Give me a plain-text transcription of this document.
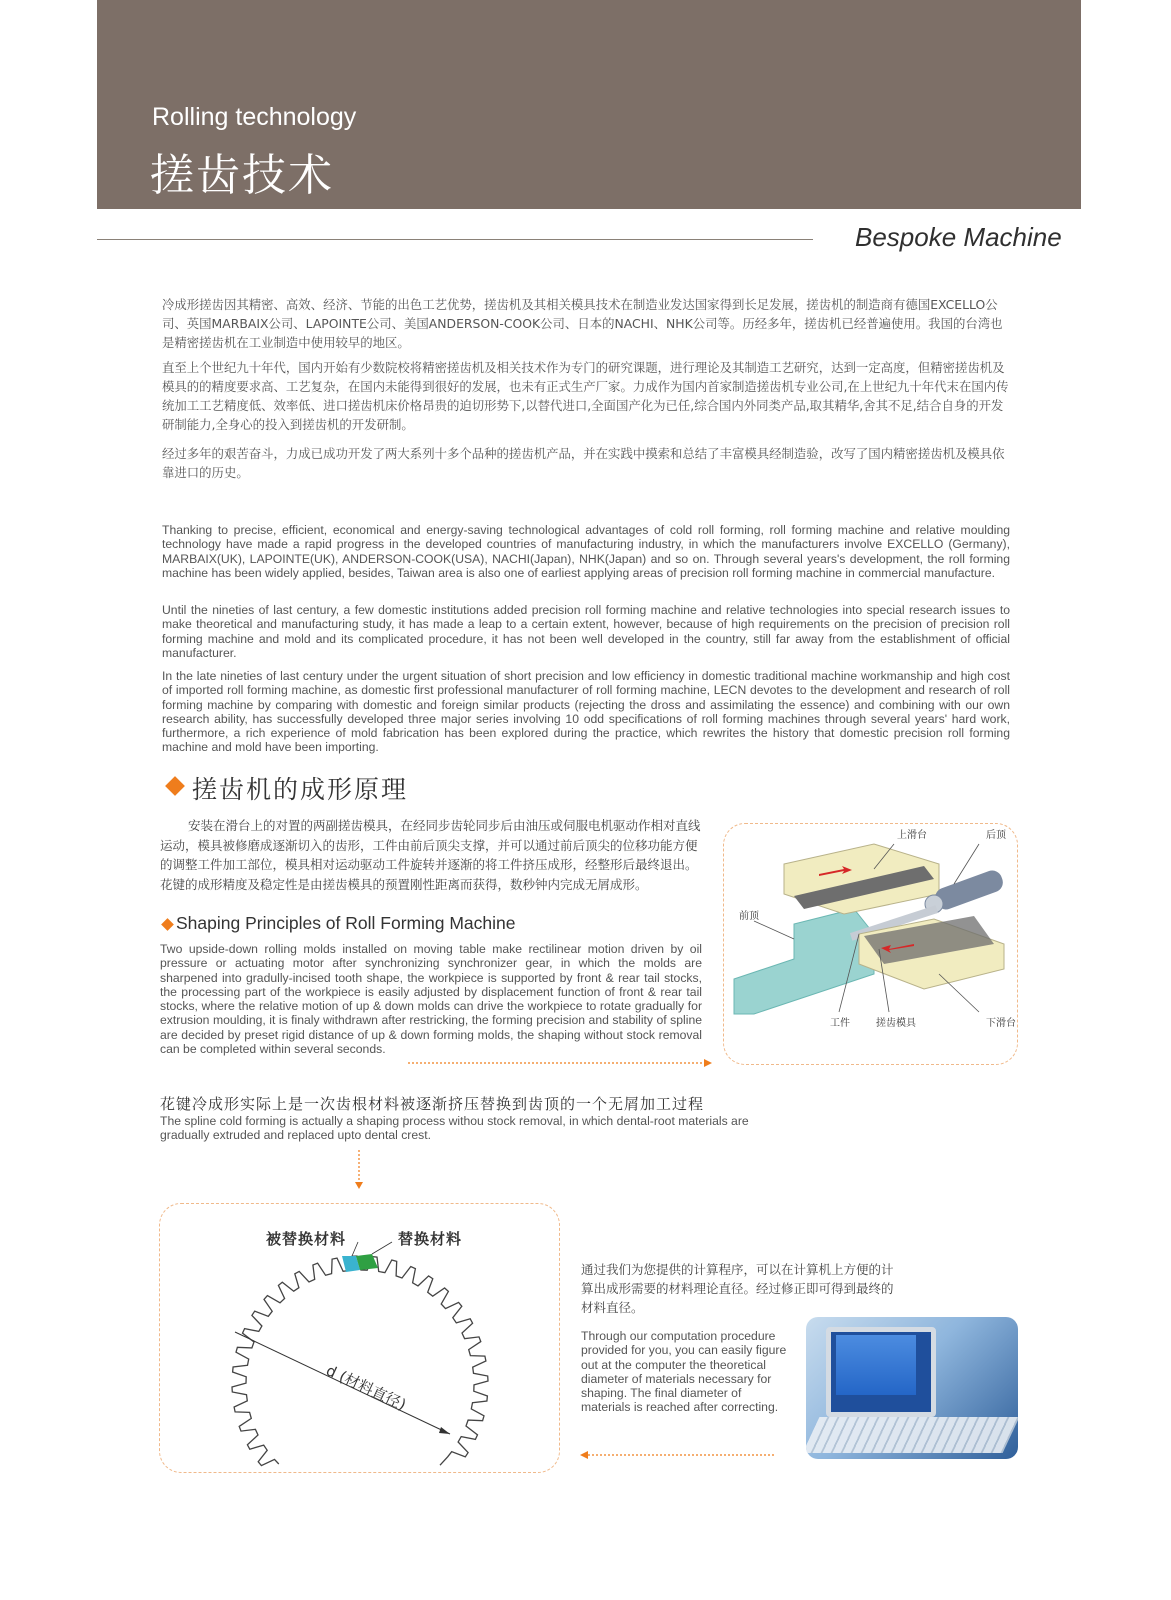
Rolling technology
搓齿技术
Bespoke Machine
冷成形搓齿因其精密、高效、经济、节能的出色工艺优势，搓齿机及其相关模具技术在制造业发达国家得到长足发展，搓齿机的制造商有德国EXCELLO公司、英国MARBAIX公司、LAPOINTE公司、美国ANDERSON-COOK公司、日本的NACHI、NHK公司等。历经多年，搓齿机已经普遍使用。我国的台湾也是精密搓齿机在工业制造中使用较早的地区。
直至上个世纪九十年代，国内开始有少数院校将精密搓齿机及相关技术作为专门的研究课题，进行理论及其制造工艺研究，达到一定高度，但精密搓齿机及模具的的精度要求高、工艺复杂，在国内未能得到很好的发展，也未有正式生产厂家。力成作为国内首家制造搓齿机专业公司,在上世纪九十年代末在国内传统加工工艺精度低、效率低、进口搓齿机床价格昂贵的迫切形势下,以替代进口,全面国产化为已任,综合国内外同类产品,取其精华,舍其不足,结合自身的开发研制能力,全身心的投入到搓齿机的开发研制。
经过多年的艰苦奋斗，力成已成功开发了两大系列十多个品种的搓齿机产品，并在实践中摸索和总结了丰富模具经制造验，改写了国内精密搓齿机及模具依靠进口的历史。
Thanking to precise, efficient, economical and energy-saving technological advantages of cold roll forming, roll forming machine and relative moulding technology have made a rapid progress in the developed countries of manufacturing industry, in which the manufacturers involve EXCELLO (Germany), MARBAIX(UK), LAPOINTE(UK), ANDERSON-COOK(USA), NACHI(Japan), NHK(Japan) and so on. Through several years's development, the roll forming machine has been widely applied, besides, Taiwan area is also one of earliest applying areas of precision roll forming machine in commercial manufacture.
Until the nineties of last century, a few domestic institutions added precision roll forming machine and relative technologies into special research issues to make theoretical and manufacturing study, it has made a leap to a certain extent, however, because of high requirements on the precision of precision roll forming machine and mold and its complicated procedure, it has not been well developed in the country, still far away from the establishment of official manufacturer.
In the late nineties of last century under the urgent situation of short precision and low efficiency in domestic traditional machine workmanship and high cost of imported roll forming machine, as domestic first professional manufacturer of roll forming machine, LECN devotes to the development and research of roll forming machine by comparing with domestic and foreign similar products (rejecting the dross and assimilating the essence) and combining with our own research ability, has successfully developed three major series involving 10 odd specifications of roll forming machines through several years' hard work, furthermore, a rich experience of mold fabrication has been explored during the practice, which rewrites the history that domestic precision roll forming machine and mold have been importing.
搓齿机的成形原理
安装在滑台上的对置的两副搓齿模具，在经同步齿轮同步后由油压或伺服电机驱动作相对直线运动，模具被修磨成逐渐切入的齿形，工件由前后顶尖支撑，并可以通过前后顶尖的位移功能方便的调整工件加工部位，模具相对运动驱动工件旋转并逐渐的将工件挤压成形，经整形后最终退出。花键的成形精度及稳定性是由搓齿模具的预置刚性距离而获得，数秒钟内完成无屑成形。
Shaping Principles of Roll Forming Machine
Two upside-down rolling molds installed on moving table make rectilinear motion driven by oil pressure or actuating motor after synchronizing synchronizer gear, in which the molds are sharpened into gradully-incised tooth shape, the workpiece is supported by front & rear tail stocks, the processing part of the workpiece is easily adjusted by displacement function of front & rear tail stocks, where the relative motion of up & down molds can drive the workpiece to rotate gradually for extrusion moulding, it is finaly withdrawn after restricking, the forming precision and stability of spline are decided by preset rigid distance of up & down forming molds, the shaping without stock removal can be completed within several seconds.
上滑台	后顶
前顶
工件	搓齿模具	下滑台
花键冷成形实际上是一次齿根材料被逐渐挤压替换到齿顶的一个无屑加工过程
The spline cold forming is actually a shaping process withou stock removal, in which dental-root materials are gradually extruded and replaced upto dental crest.
被替换材料	替换材料
d (材料直径)
通过我们为您提供的计算程序，可以在计算机上方便的计算出成形需要的材料理论直径。经过修正即可得到最终的材料直径。
Through our computation procedure provided for you, you can easily figure out at the computer the theoretical diameter of materials necessary for shaping. The final diameter of materials is reached after correcting.
